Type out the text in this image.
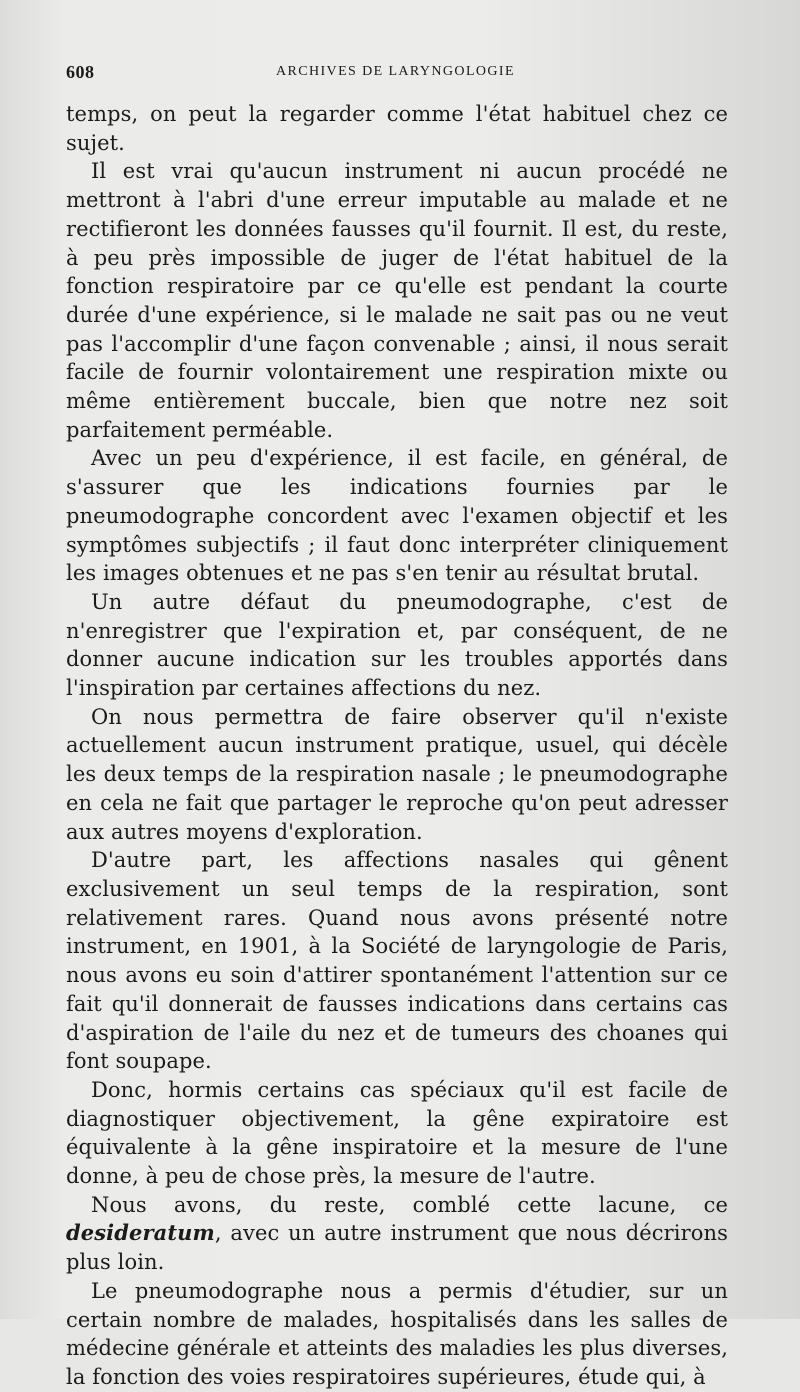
608	ARCHIVES DE LARYNGOLOGIE

temps, on peut la regarder comme l'état habituel chez ce sujet.

Il est vrai qu'aucun instrument ni aucun procédé ne mettront à l'abri d'une erreur imputable au malade et ne rectifieront les données fausses qu'il fournit. Il est, du reste, à peu près impossible de juger de l'état habituel de la fonction respiratoire par ce qu'elle est pendant la courte durée d'une expérience, si le malade ne sait pas ou ne veut pas l'accomplir d'une façon convenable ; ainsi, il nous serait facile de fournir volontairement une respiration mixte ou même entièrement buccale, bien que notre nez soit parfaitement perméable.

Avec un peu d'expérience, il est facile, en général, de s'assurer que les indications fournies par le pneumodographe concordent avec l'examen objectif et les symptômes subjectifs ; il faut donc interpréter cliniquement les images obtenues et ne pas s'en tenir au résultat brutal.

Un autre défaut du pneumodographe, c'est de n'enregistrer que l'expiration et, par conséquent, de ne donner aucune indication sur les troubles apportés dans l'inspiration par certaines affections du nez.

On nous permettra de faire observer qu'il n'existe actuellement aucun instrument pratique, usuel, qui décèle les deux temps de la respiration nasale ; le pneumodographe en cela ne fait que partager le reproche qu'on peut adresser aux autres moyens d'exploration.

D'autre part, les affections nasales qui gênent exclusivement un seul temps de la respiration, sont relativement rares. Quand nous avons présenté notre instrument, en 1901, à la Société de laryngologie de Paris, nous avons eu soin d'attirer spontanément l'attention sur ce fait qu'il donnerait de fausses indications dans certains cas d'aspiration de l'aile du nez et de tumeurs des choanes qui font soupape.

Donc, hormis certains cas spéciaux qu'il est facile de diagnostiquer objectivement, la gêne expiratoire est équivalente à la gêne inspiratoire et la mesure de l'une donne, à peu de chose près, la mesure de l'autre.

Nous avons, du reste, comblé cette lacune, ce desideratum, avec un autre instrument que nous décrirons plus loin.

Le pneumodographe nous a permis d'étudier, sur un certain nombre de malades, hospitalisés dans les salles de médecine générale et atteints des maladies les plus diverses, la fonction des voies respiratoires supérieures, étude qui, à
